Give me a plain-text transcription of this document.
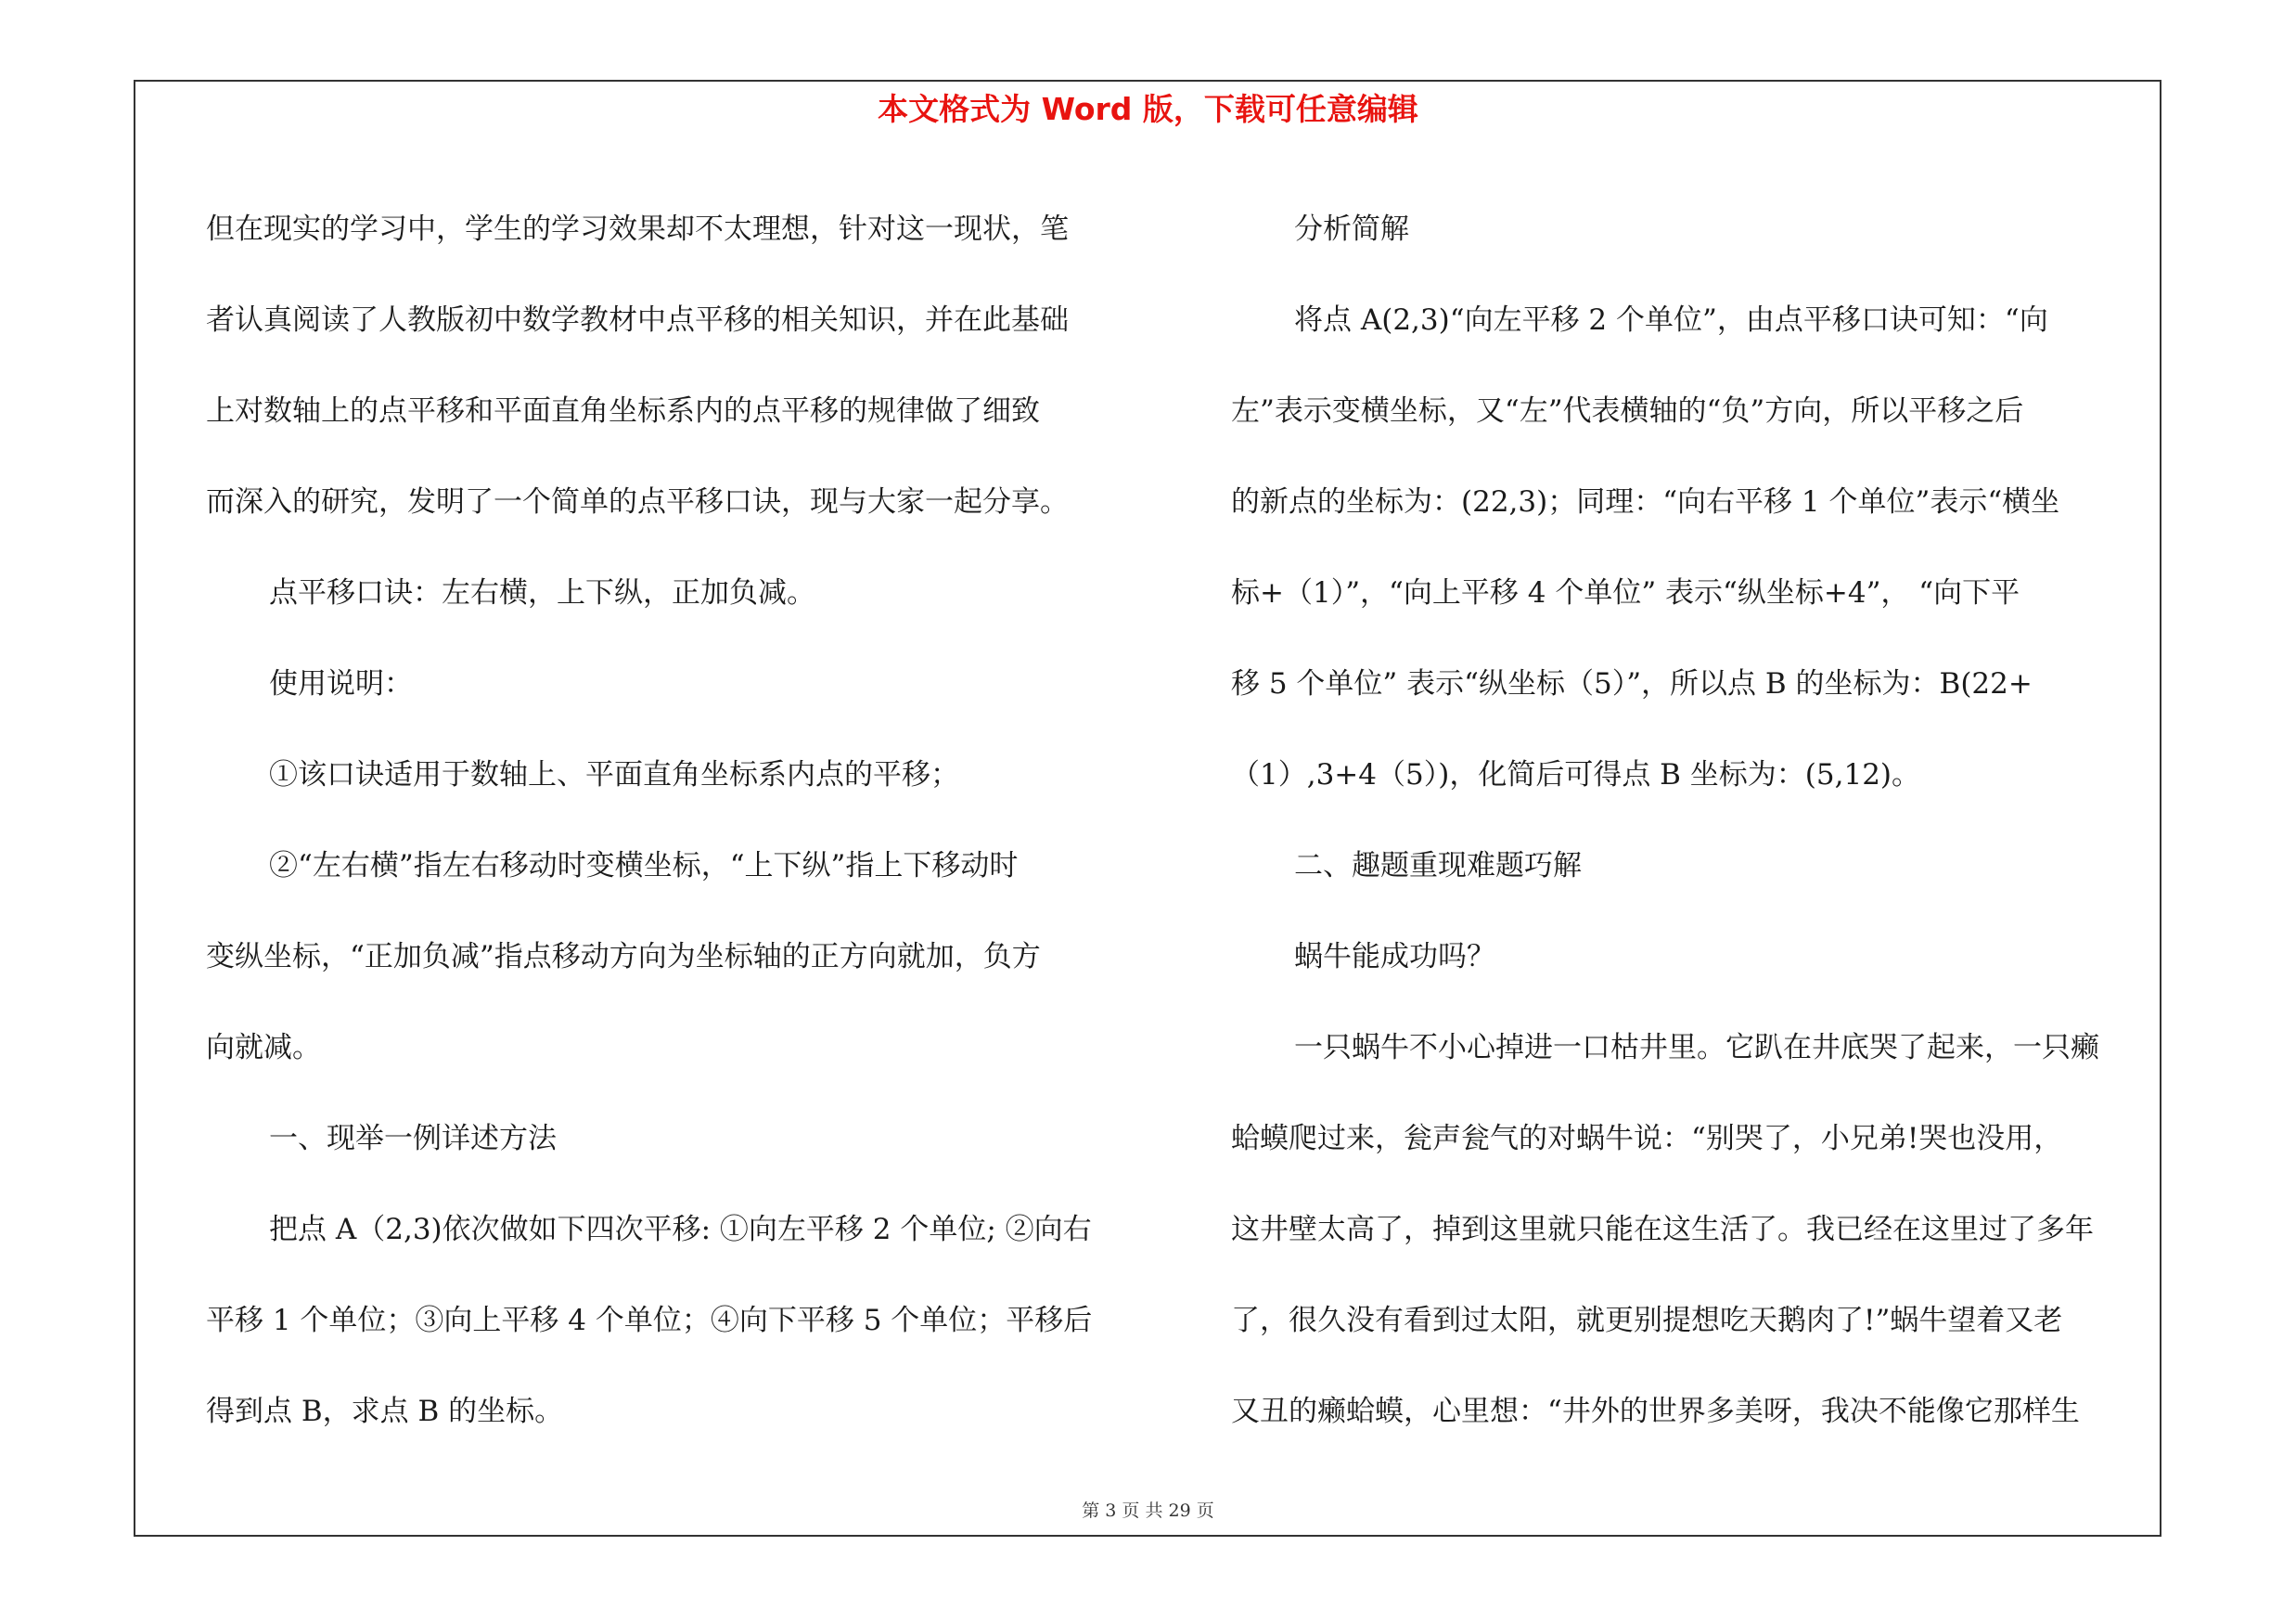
本文格式为 Word 版，下载可任意编辑
但在现实的学习中，学生的学习效果却不太理想，针对这一现状，笔
者认真阅读了人教版初中数学教材中点平移的相关知识，并在此基础
上对数轴上的点平移和平面直角坐标系内的点平移的规律做了细致
而深入的研究，发明了一个简单的点平移口诀，现与大家一起分享。
点平移口诀：左右横，上下纵，正加负减。
使用说明：
①该口诀适用于数轴上、平面直角坐标系内点的平移；
②“左右横”指左右移动时变横坐标，“上下纵”指上下移动时
变纵坐标，“正加负减”指点移动方向为坐标轴的正方向就加，负方
向就减。
一、现举一例详述方法
把点 A（2,3)依次做如下四次平移: ①向左平移 2 个单位; ②向右
平移 1 个单位；③向上平移 4 个单位；④向下平移 5 个单位；平移后
得到点 B，求点 B 的坐标。
分析简解
将点 A(2,3)“向左平移 2 个单位”，由点平移口诀可知：“向
左”表示变横坐标，又“左”代表横轴的“负”方向，所以平移之后
的新点的坐标为：(22,3)；同理：“向右平移 1 个单位”表示“横坐
标+（1）”，“向上平移 4 个单位” 表示“纵坐标+4”， “向下平
移 5 个单位” 表示“纵坐标（5）”，所以点 B 的坐标为：B(22+
（1）,3+4（5）)，化简后可得点 B 坐标为：(5,12)。
二、趣题重现难题巧解
蜗牛能成功吗？
一只蜗牛不小心掉进一口枯井里。它趴在井底哭了起来，一只癞
蛤蟆爬过来，瓮声瓮气的对蜗牛说：“别哭了，小兄弟!哭也没用，
这井壁太高了，掉到这里就只能在这生活了。我已经在这里过了多年
了，很久没有看到过太阳，就更别提想吃天鹅肉了!”蜗牛望着又老
又丑的癞蛤蟆，心里想：“井外的世界多美呀，我决不能像它那样生
第 3 页 共 29 页
